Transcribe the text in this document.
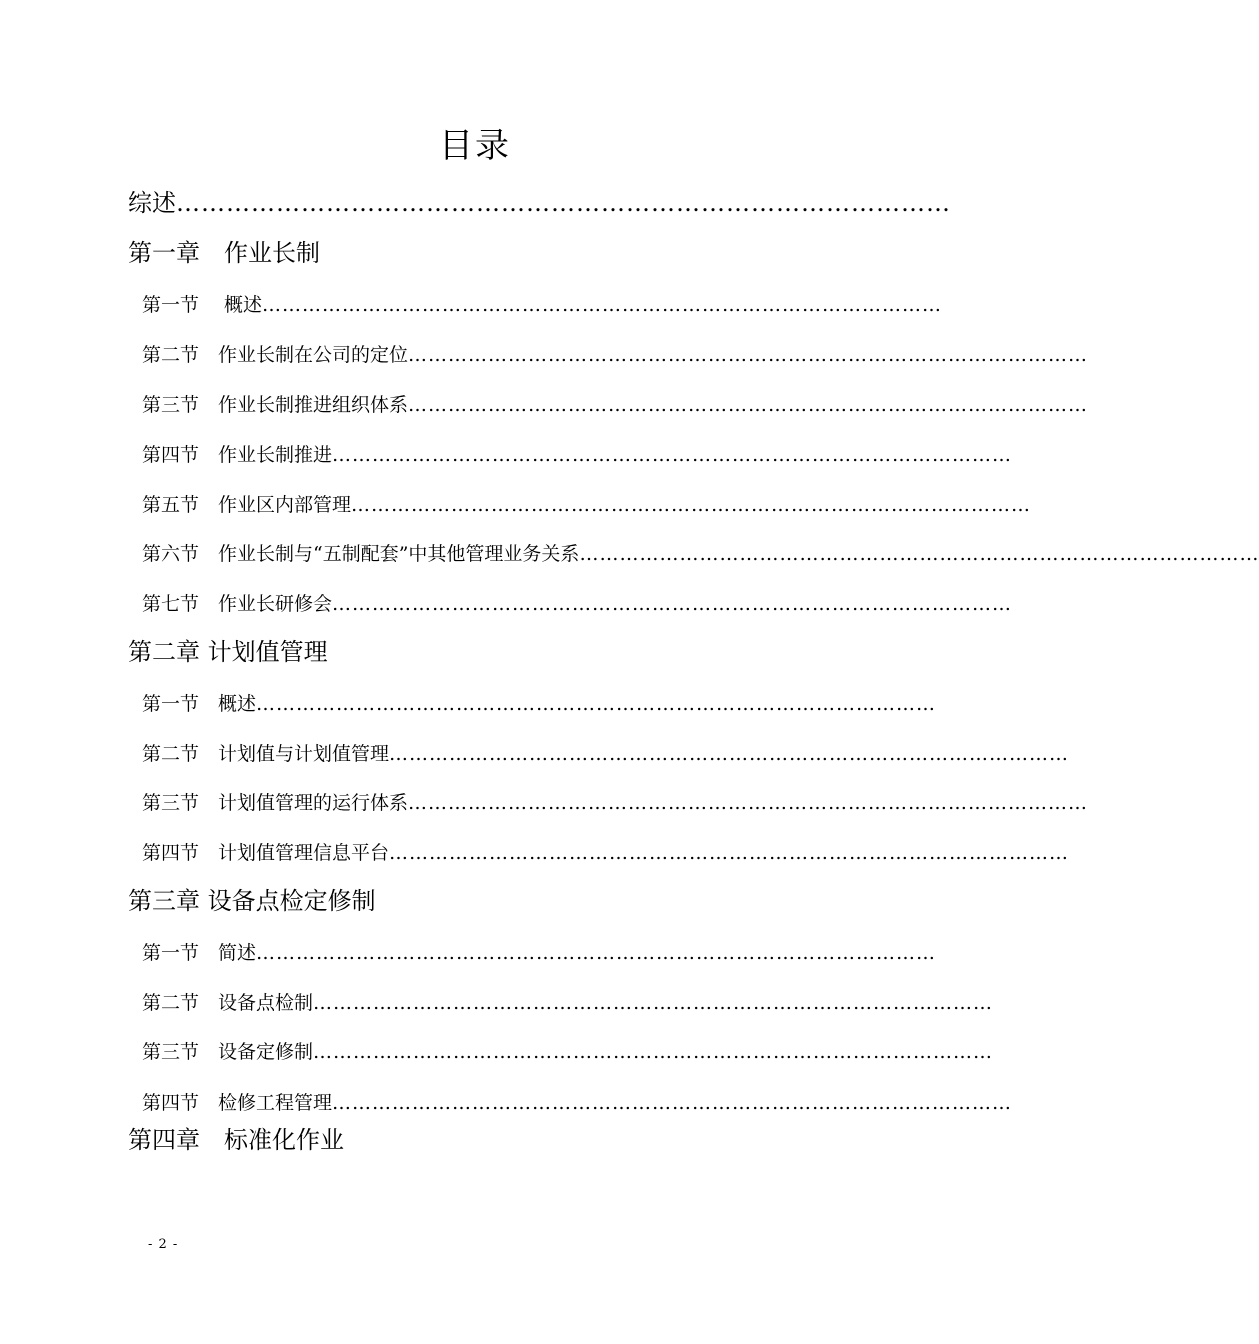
目录
综述…………………………………………………………………………………
第一章　作业长制
第一节　 概述…………………………………………………………………………………………
第二节　作业长制在公司的定位…………………………………………………………………………………………
第三节　作业长制推进组织体系…………………………………………………………………………………………
第四节　作业长制推进…………………………………………………………………………………………
第五节　作业区内部管理…………………………………………………………………………………………
第六节　作业长制与“五制配套”中其他管理业务关系…………………………………………………………………………………………
第七节　作业长研修会…………………………………………………………………………………………
第二章 计划值管理
第一节　概述…………………………………………………………………………………………
第二节　计划值与计划值管理…………………………………………………………………………………………
第三节　计划值管理的运行体系…………………………………………………………………………………………
第四节　计划值管理信息平台…………………………………………………………………………………………
第三章 设备点检定修制
第一节　简述…………………………………………………………………………………………
第二节　设备点检制…………………………………………………………………………………………
第三节　设备定修制…………………………………………………………………………………………
第四节　检修工程管理…………………………………………………………………………………………
第四章　标准化作业
- 2 -
